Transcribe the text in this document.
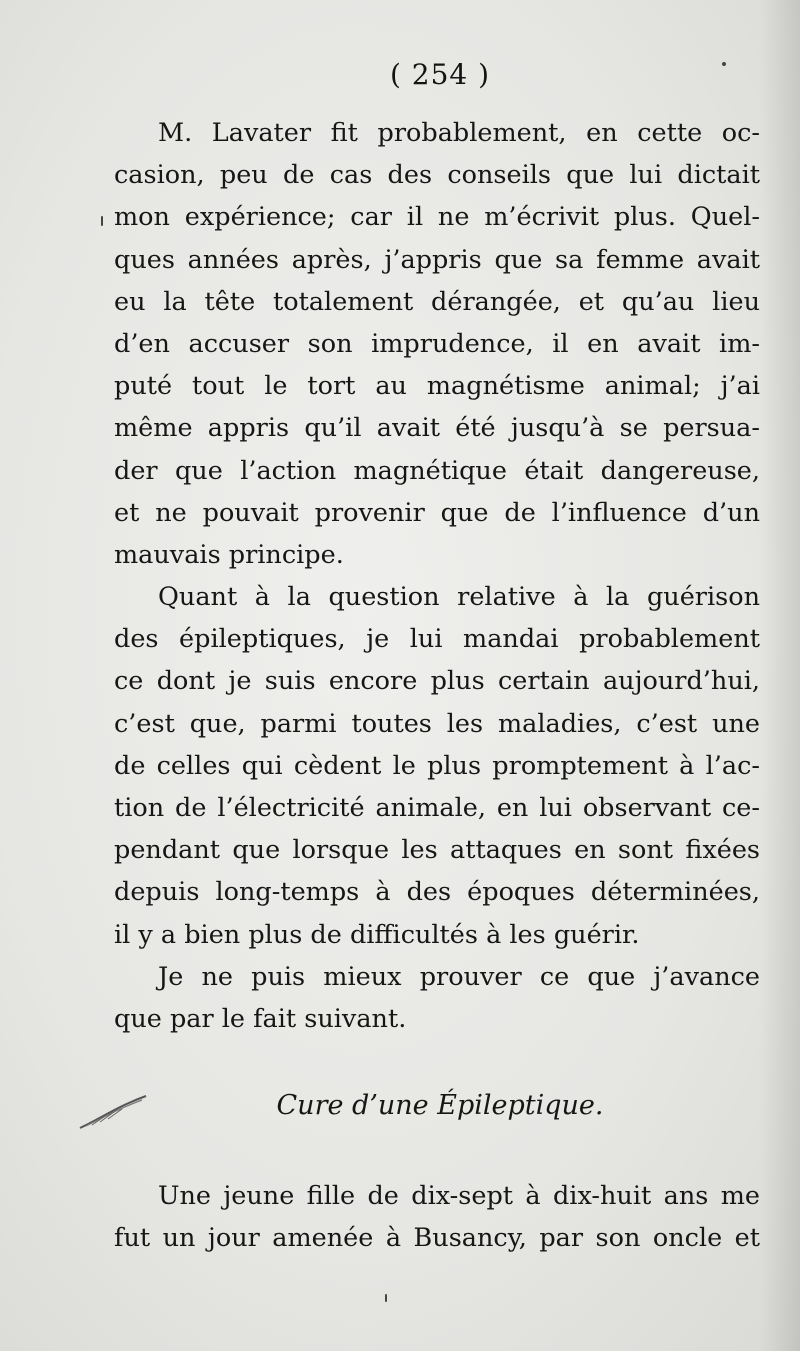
( 254 )
M. Lavater fit probablement, en cette oc-
casion, peu de cas des conseils que lui dictait
mon expérience; car il ne m’écrivit plus. Quel-
ques années après, j’appris que sa femme avait
eu la tête totalement dérangée, et qu’au lieu
d’en accuser son imprudence, il en avait im-
puté tout le tort au magnétisme animal; j’ai
même appris qu’il avait été jusqu’à se persua-
der que l’action magnétique était dangereuse,
et ne pouvait provenir que de l’influence d’un
mauvais principe.
Quant à la question relative à la guérison
des épileptiques, je lui mandai probablement
ce dont je suis encore plus certain aujourd’hui,
c’est que, parmi toutes les maladies, c’est une
de celles qui cèdent le plus promptement à l’ac-
tion de l’électricité animale, en lui observant ce-
pendant que lorsque les attaques en sont fixées
depuis long-temps à des époques déterminées,
il y a bien plus de difficultés à les guérir.
Je ne puis mieux prouver ce que j’avance
que par le fait suivant.
Cure d’une Épileptique.
Une jeune fille de dix-sept à dix-huit ans me
fut un jour amenée à Busancy, par son oncle et
